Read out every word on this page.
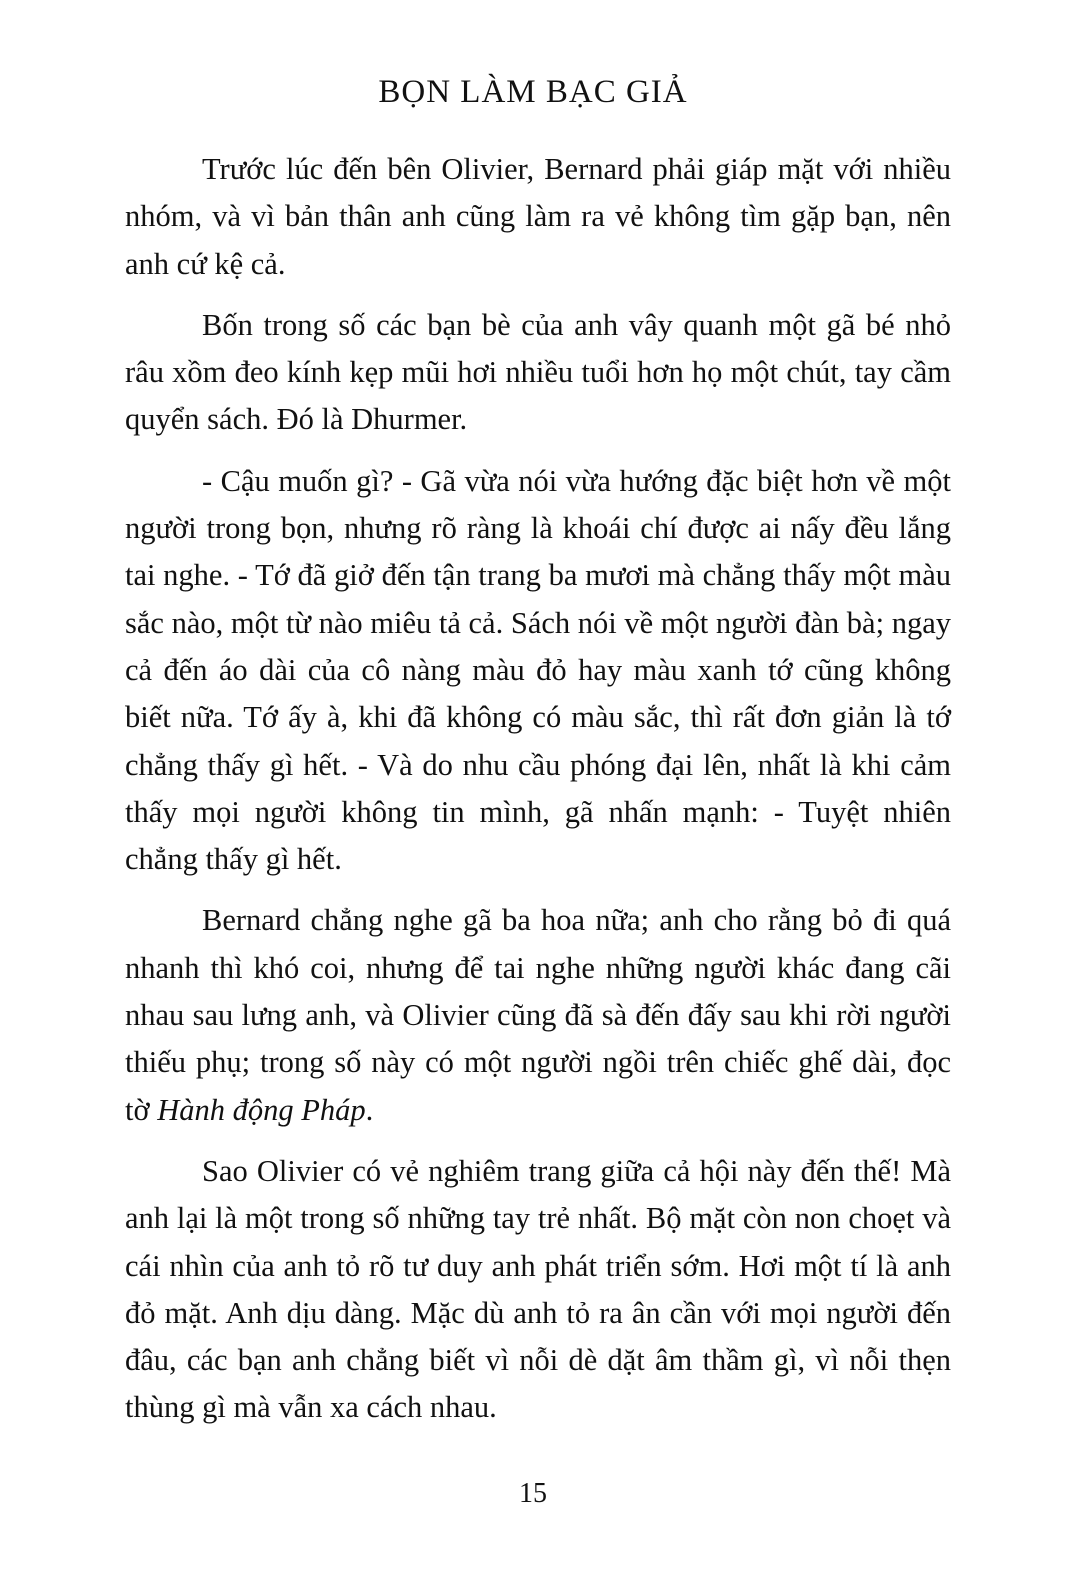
BỌN LÀM BẠC GIẢ

Trước lúc đến bên Olivier, Bernard phải giáp mặt với nhiều nhóm, và vì bản thân anh cũng làm ra vẻ không tìm gặp bạn, nên anh cứ kệ cả.

Bốn trong số các bạn bè của anh vây quanh một gã bé nhỏ râu xồm đeo kính kẹp mũi hơi nhiều tuổi hơn họ một chút, tay cầm quyển sách. Đó là Dhurmer.

- Cậu muốn gì? - Gã vừa nói vừa hướng đặc biệt hơn về một người trong bọn, nhưng rõ ràng là khoái chí được ai nấy đều lắng tai nghe. - Tớ đã giở đến tận trang ba mươi mà chẳng thấy một màu sắc nào, một từ nào miêu tả cả. Sách nói về một người đàn bà; ngay cả đến áo dài của cô nàng màu đỏ hay màu xanh tớ cũng không biết nữa. Tớ ấy à, khi đã không có màu sắc, thì rất đơn giản là tớ chẳng thấy gì hết. - Và do nhu cầu phóng đại lên, nhất là khi cảm thấy mọi người không tin mình, gã nhấn mạnh: - Tuyệt nhiên chẳng thấy gì hết.

Bernard chẳng nghe gã ba hoa nữa; anh cho rằng bỏ đi quá nhanh thì khó coi, nhưng để tai nghe những người khác đang cãi nhau sau lưng anh, và Olivier cũng đã sà đến đấy sau khi rời người thiếu phụ; trong số này có một người ngồi trên chiếc ghế dài, đọc tờ Hành động Pháp.

Sao Olivier có vẻ nghiêm trang giữa cả hội này đến thế! Mà anh lại là một trong số những tay trẻ nhất. Bộ mặt còn non choẹt và cái nhìn của anh tỏ rõ tư duy anh phát triển sớm. Hơi một tí là anh đỏ mặt. Anh dịu dàng. Mặc dù anh tỏ ra ân cần với mọi người đến đâu, các bạn anh chẳng biết vì nỗi dè dặt âm thầm gì, vì nỗi thẹn thùng gì mà vẫn xa cách nhau.

15
